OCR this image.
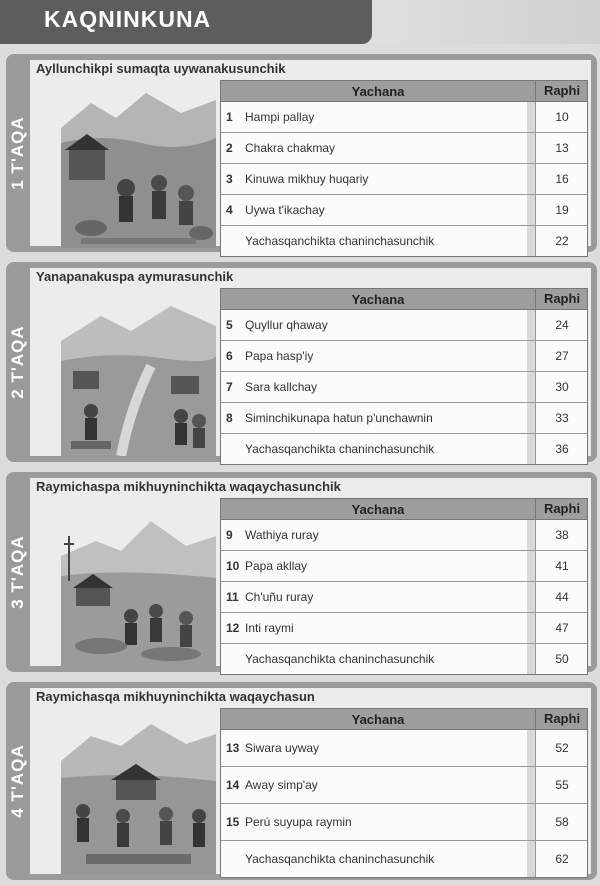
KAQNINKUNA
1 T'AQA
Ayllunchikpi sumaqta uywanakusunchik
Yachana	Raphi
1 Hampi pallay	10
2 Chakra chakmay	13
3 Kinuwa mikhuy huqariy	16
4 Uywa t'ikachay	19
Yachasqanchikta chaninchasunchik	22
2 T'AQA
Yanapanakuspa aymurasunchik
Yachana	Raphi
5 Quyllur qhaway	24
6 Papa hasp'iy	27
7 Sara kallchay	30
8 Siminchikunapa hatun p'unchawnin	33
Yachasqanchikta chaninchasunchik	36
3 T'AQA
Raymichaspa mikhuyninchikta waqaychasunchik
Yachana	Raphi
9 Wathiya ruray	38
10 Papa akllay	41
11 Ch'uñu ruray	44
12 Inti raymi	47
Yachasqanchikta chaninchasunchik	50
4 T'AQA
Raymichasqa mikhuyninchikta waqaychasun
Yachana	Raphi
13 Siwara uyway	52
14 Away simp'ay	55
15 Perú suyupa raymin	58
Yachasqanchikta chaninchasunchik	62
